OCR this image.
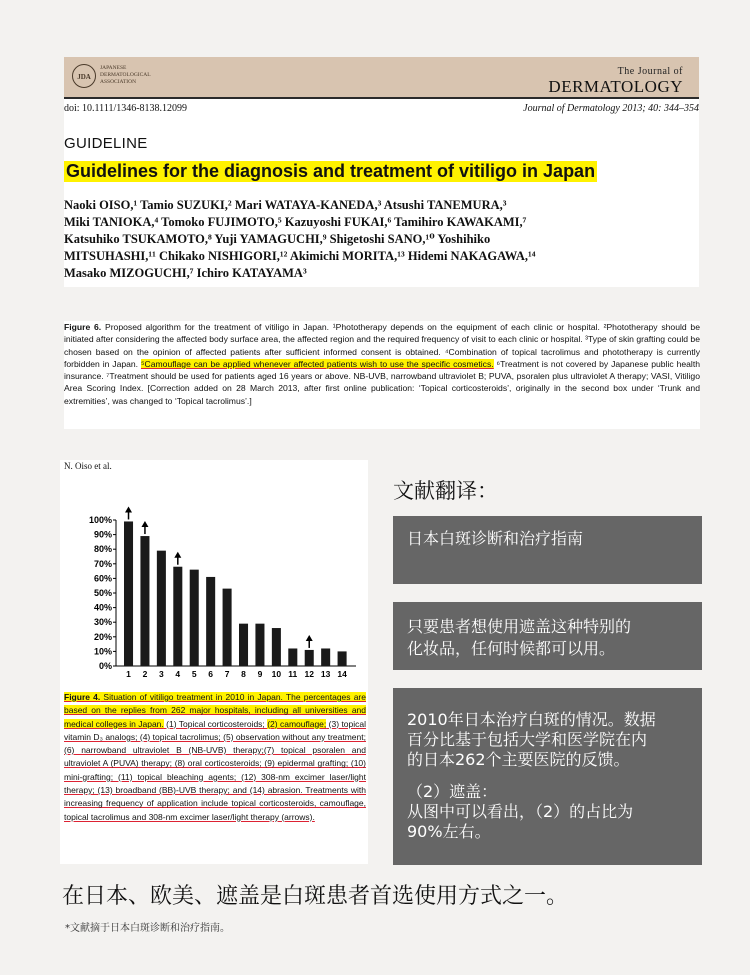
JDA
JAPANESE DERMATOLOGICAL ASSOCIATION
The Journal of
DERMATOLOGY
doi: 10.1111/1346-8138.12099	Journal of Dermatology 2013; 40: 344–354
GUIDELINE
Guidelines for the diagnosis and treatment of vitiligo in Japan
Naoki OISO,¹ Tamio SUZUKI,² Mari WATAYA-KANEDA,³ Atsushi TANEMURA,³
Miki TANIOKA,⁴ Tomoko FUJIMOTO,⁵ Kazuyoshi FUKAI,⁶ Tamihiro KAWAKAMI,⁷
Katsuhiko TSUKAMOTO,⁸ Yuji YAMAGUCHI,⁹ Shigetoshi SANO,¹⁰ Yoshihiko
MITSUHASHI,¹¹ Chikako NISHIGORI,¹² Akimichi MORITA,¹³ Hidemi NAKAGAWA,¹⁴
Masako MIZOGUCHI,⁷ Ichiro KATAYAMA³
Figure 6. Proposed algorithm for the treatment of vitiligo in Japan. ¹Phototherapy depends on the equipment of each clinic or hospital. ²Phototherapy should be initiated after considering the affected body surface area, the affected region and the required frequency of visit to each clinic or hospital. ³Type of skin grafting could be chosen based on the opinion of affected patients after sufficient informed consent is obtained. ⁴Combination of topical tacrolimus and phototherapy is currently forbidden in Japan. ⁵Camouflage can be applied whenever affected patients wish to use the specific cosmetics. ⁶Treatment is not covered by Japanese public health insurance. ⁷Treatment should be used for patients aged 16 years or above. NB-UVB, narrowband ultraviolet B; PUVA, psoralen plus ultraviolet A therapy; VASI, Vitiligo Area Scoring Index. [Correction added on 28 March 2013, after first online publication: ‘Topical corticosteroids’, originally in the second box under ‘Trunk and extremities’, was changed to ‘Topical tacrolimus’.]
N. Oiso et al.
0%
10%
20%
30%
40%
50%
60%
70%
80%
90%
100%
1 2 3 4 5 6 7 8 9 10 11 12 13 14
Figure 4. Situation of vitiligo treatment in 2010 in Japan. The percentages are based on the replies from 262 major hospitals, including all universities and medical colleges in Japan. (1) Topical corticosteroids; (2) camouflage; (3) topical vitamin D₃ analogs; (4) topical tacrolimus; (5) observation without any treatment; (6) narrowband ultraviolet B (NB-UVB) therapy;(7) topical psoralen and ultraviolet A (PUVA) therapy; (8) oral corticosteroids; (9) epidermal grafting; (10) mini-grafting; (11) topical bleaching agents; (12) 308-nm excimer laser/light therapy; (13) broadband (BB)-UVB therapy; and (14) abrasion. Treatments with increasing frequency of application include topical corticosteroids, camouflage, topical tacrolimus and 308-nm excimer laser/light therapy (arrows).
文献翻译：
日本白斑诊断和治疗指南
只要患者想使用遮盖这种特别的
化妆品，任何时候都可以用。
2010年日本治疗白斑的情况。数据
百分比基于包括大学和医学院在内
的日本262个主要医院的反馈。
（2）遮盖：
从图中可以看出，（2）的占比为
90%左右。
在日本、欧美、遮盖是白斑患者首选使用方式之一。
*文献摘于日本白斑诊断和治疗指南。
